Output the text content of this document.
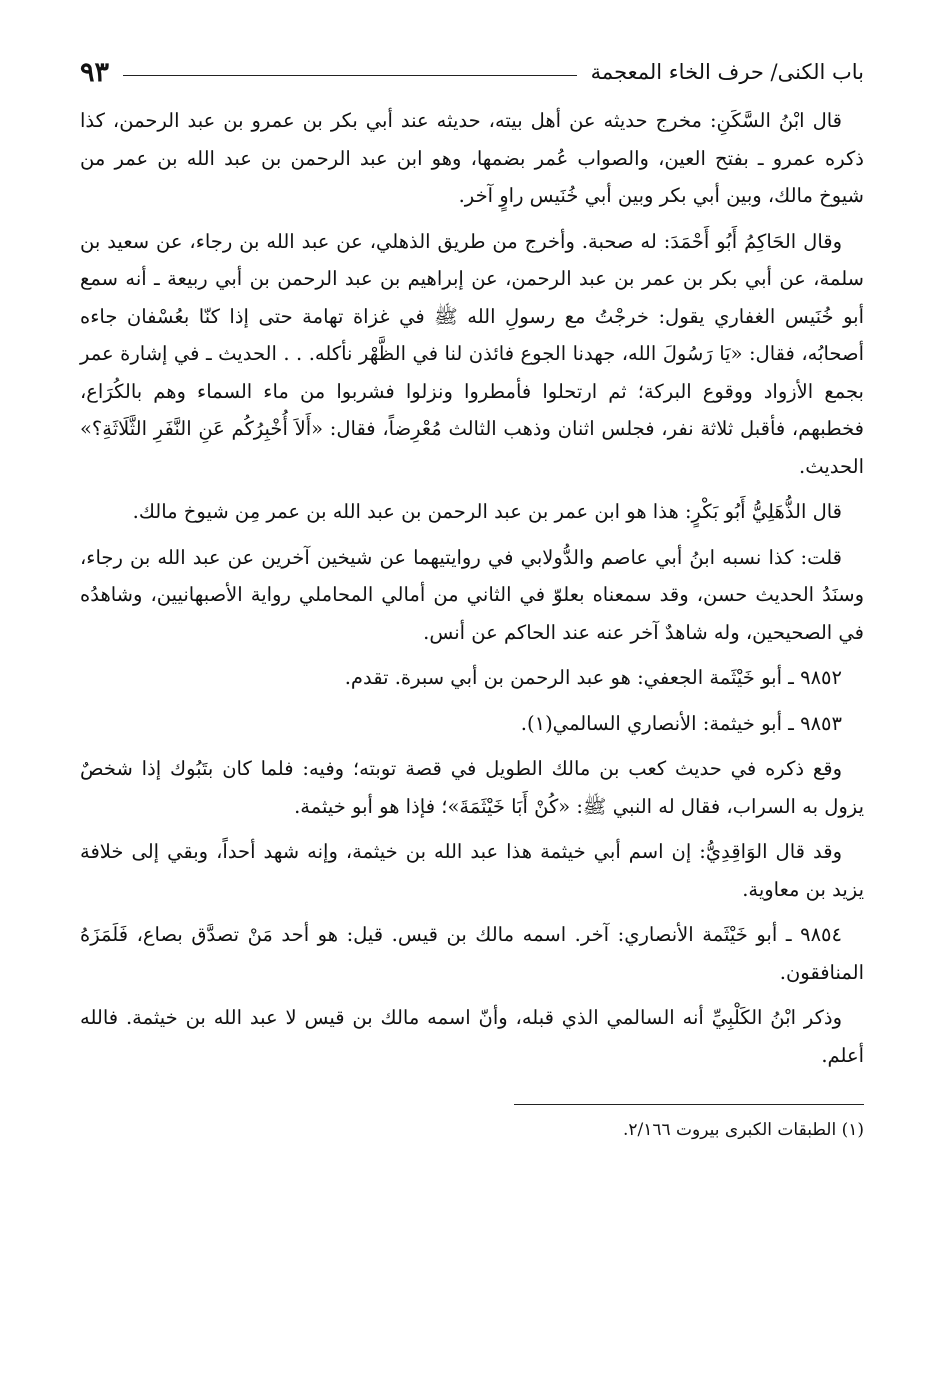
باب الكنى/ حرف الخاء المعجمة
٩٣

قال ابْنُ السَّكَنِ: مخرج حديثه عن أهل بيته، حديثه عند أبي بكر بن عمرو بن عبد الرحمن، كذا ذكره عمرو ـ بفتح العين، والصواب عُمر بضمها، وهو ابن عبد الرحمن بن عبد الله بن عمر من شيوخ مالك، وبين أبي بكر وبين أبي خُنَيس راوٍ آخر.

وقال الحَاكِمُ أَبُو أَحْمَدَ: له صحبة. وأخرج من طريق الذهلي، عن عبد الله بن رجاء، عن سعيد بن سلمة، عن أبي بكر بن عمر بن عبد الرحمن، عن إبراهيم بن عبد الرحمن بن أبي ربيعة ـ أنه سمع أبو خُنَيس الغفاري يقول: خرجْتُ مع رسولِ الله ﷺ في غزاة تهامة حتى إذا كنّا بعُسْفان جاءه أصحابُه، فقال: «يَا رَسُولَ الله، جهدنا الجوع فائذن لنا في الظَّهْر نأكله. . . الحديث ـ في إشارة عمر بجمع الأزواد ووقوع البركة؛ ثم ارتحلوا فأمطروا ونزلوا فشربوا من ماء السماء وهم بالكُرَاع، فخطبهم، فأقبل ثلاثة نفر، فجلس اثنان وذهب الثالث مُعْرِضاً، فقال: «أَلاَ أُخْبِرُكُم عَنِ النَّفَرِ الثَّلَاثَةِ؟» الحديث.

قال الذُّهَلِيُّ أَبُو بَكْرٍ: هذا هو ابن عمر بن عبد الرحمن بن عبد الله بن عمر مِن شيوخ مالك.

قلت: كذا نسبه ابنُ أبي عاصم والدُّولابي في روايتيهما عن شيخين آخرين عن عبد الله بن رجاء، وسنَدُ الحديث حسن، وقد سمعناه بعلوّ في الثاني من أمالي المحاملي رواية الأصبهانيين، وشاهدُه في الصحيحين، وله شاهدٌ آخر عنه عند الحاكم عن أنس.

٩٨٥٢ ـ أبو خَيْثَمة الجعفي: هو عبد الرحمن بن أبي سبرة. تقدم.

٩٨٥٣ ـ أبو خيثمة: الأنصاري السالمي(١).

وقع ذكره في حديث كعب بن مالك الطويل في قصة توبته؛ وفيه: فلما كان بتَبُوك إذا شخصٌ يزول به السراب، فقال له النبي ﷺ: «كُنْ أَبَا خَيْثَمَةَ»؛ فإذا هو أبو خيثمة.

وقد قال الوَاقِدِيُّ: إن اسم أبي خيثمة هذا عبد الله بن خيثمة، وإنه شهد أحداً، وبقي إلى خلافة يزيد بن معاوية.

٩٨٥٤ ـ أبو خَيْثَمة الأنصاري: آخر. اسمه مالك بن قيس. قيل: هو أحد مَنْ تصدَّق بصاع، فَلَمَزَهُ المنافقون.

وذكر ابْنُ الكَلْبِيِّ أنه السالمي الذي قبله، وأنّ اسمه مالك بن قيس لا عبد الله بن خيثمة. فالله أعلم.

(١) الطبقات الكبرى بيروت ٢/١٦٦.
